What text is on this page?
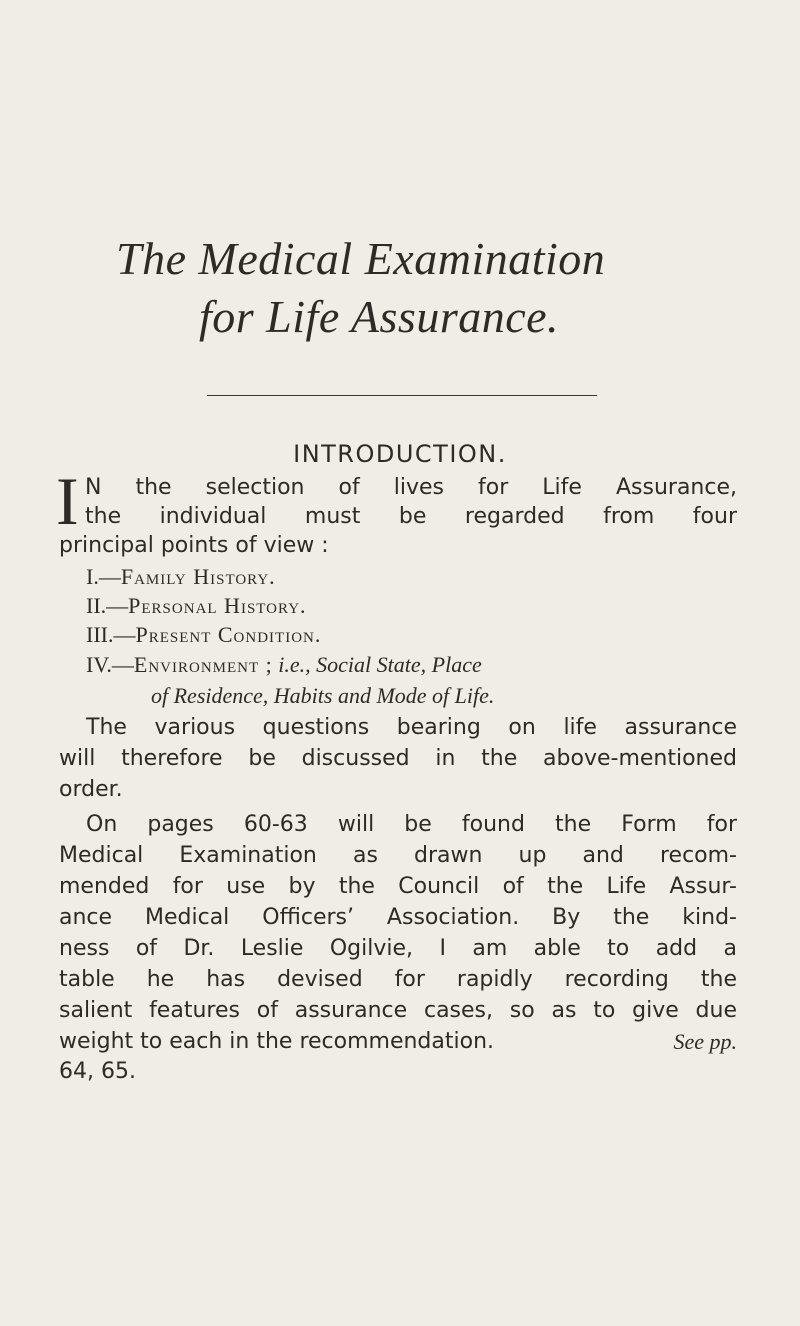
The Medical Examination
for Life Assurance.
INTRODUCTION.
I N the selection of lives for Life Assurance,
the individual must be regarded from four
principal points of view :
I.—Family History.
II.—Personal History.
III.—Present Condition.
IV.—Environment ; i.e., Social State, Place
of Residence, Habits and Mode of Life.
The various questions bearing on life assurance
will therefore be discussed in the above-mentioned
order.
On pages 60-63 will be found the Form for
Medical Examination as drawn up and recom-
mended for use by the Council of the Life Assur-
ance Medical Officers’ Association. By the kind-
ness of Dr. Leslie Ogilvie, I am able to add a
table he has devised for rapidly recording the
salient features of assurance cases, so as to give due
weight to each in the recommendation.	See pp.
64, 65.
